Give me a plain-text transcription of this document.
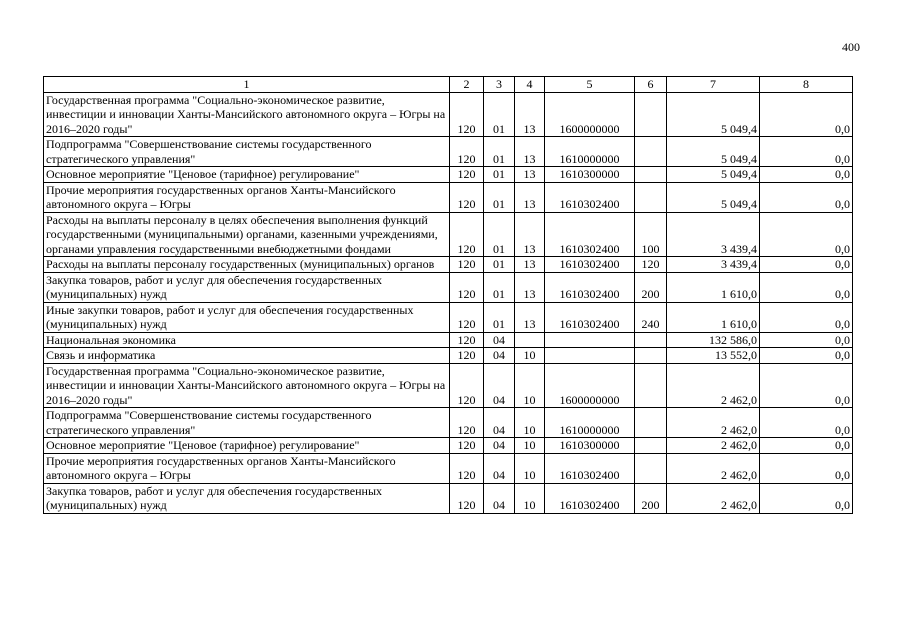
400
1	2	3	4	5	6	7	8
Государственная программа "Социально-экономическое развитие, инвестиции и инновации Ханты-Мансийского автономного округа – Югры на 2016–2020 годы"	120	01	13	1600000000		5 049,4	0,0
Подпрограмма "Совершенствование системы государственного стратегического управления"	120	01	13	1610000000		5 049,4	0,0
Основное мероприятие "Ценовое (тарифное) регулирование"	120	01	13	1610300000		5 049,4	0,0
Прочие мероприятия государственных органов Ханты-Мансийского автономного округа – Югры	120	01	13	1610302400		5 049,4	0,0
Расходы на выплаты персоналу в целях обеспечения выполнения функций государственными (муниципальными) органами, казенными учреждениями, органами управления государственными внебюджетными фондами	120	01	13	1610302400	100	3 439,4	0,0
Расходы на выплаты персоналу государственных (муниципальных) органов	120	01	13	1610302400	120	3 439,4	0,0
Закупка товаров, работ и услуг для обеспечения государственных (муниципальных) нужд	120	01	13	1610302400	200	1 610,0	0,0
Иные закупки товаров, работ и услуг для обеспечения государственных (муниципальных) нужд	120	01	13	1610302400	240	1 610,0	0,0
Национальная экономика	120	04				132 586,0	0,0
Связь и информатика	120	04	10			13 552,0	0,0
Государственная программа "Социально-экономическое развитие, инвестиции и инновации Ханты-Мансийского автономного округа – Югры на 2016–2020 годы"	120	04	10	1600000000		2 462,0	0,0
Подпрограмма "Совершенствование системы государственного стратегического управления"	120	04	10	1610000000		2 462,0	0,0
Основное мероприятие "Ценовое (тарифное) регулирование"	120	04	10	1610300000		2 462,0	0,0
Прочие мероприятия государственных органов Ханты-Мансийского автономного округа – Югры	120	04	10	1610302400		2 462,0	0,0
Закупка товаров, работ и услуг для обеспечения государственных (муниципальных) нужд	120	04	10	1610302400	200	2 462,0	0,0
